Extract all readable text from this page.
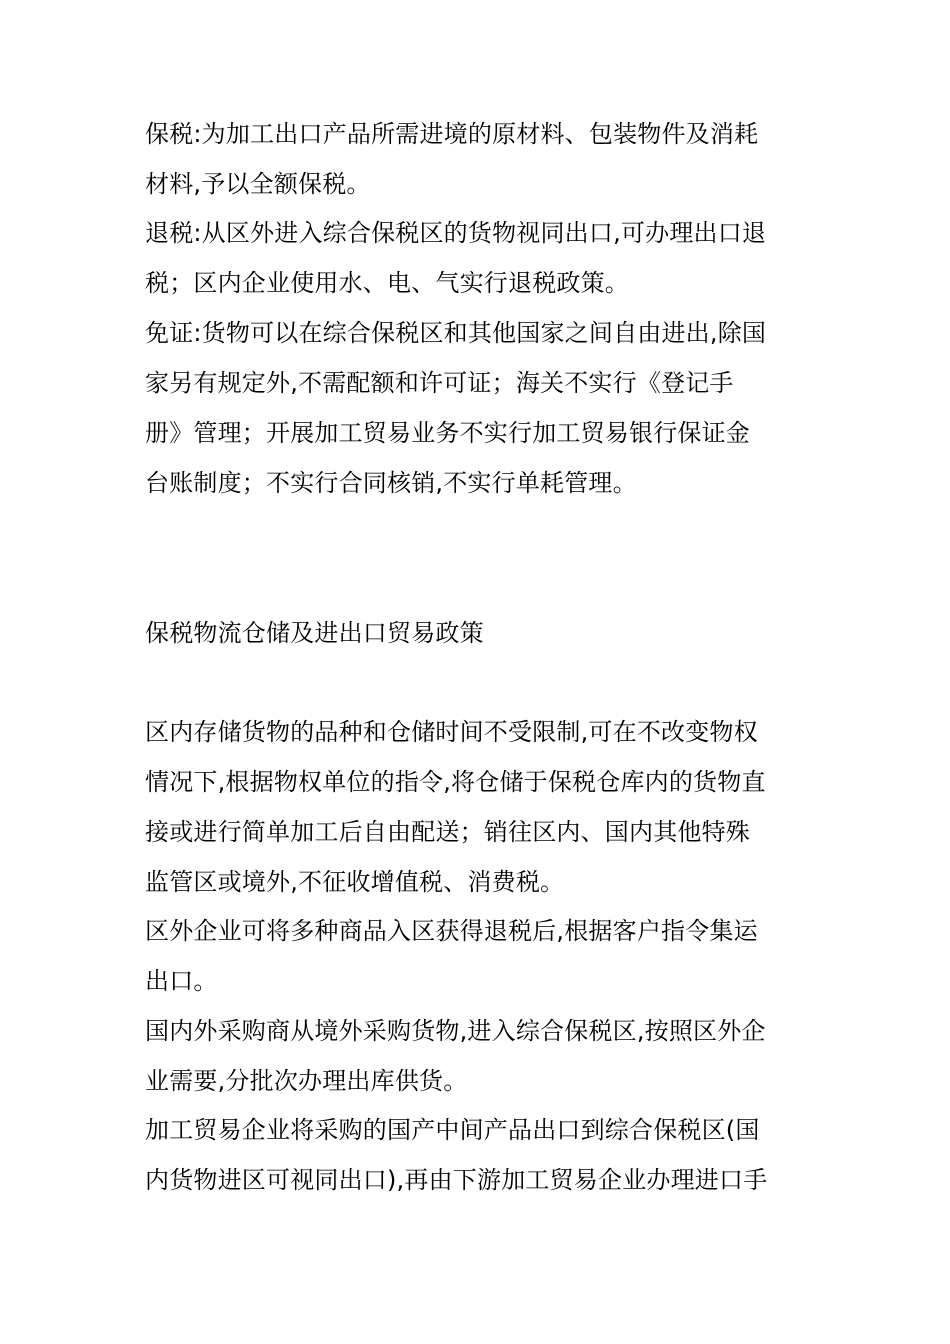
保税:为加工出口产品所需进境的原材料、包装物件及消耗
材料,予以全额保税。
退税:从区外进入综合保税区的货物视同出口,可办理出口退
税；区内企业使用水、电、气实行退税政策。
免证:货物可以在综合保税区和其他国家之间自由进出,除国
家另有规定外,不需配额和许可证；海关不实行《登记手
册》管理；开展加工贸易业务不实行加工贸易银行保证金
台账制度；不实行合同核销,不实行单耗管理。
保税物流仓储及进出口贸易政策
区内存储货物的品种和仓储时间不受限制,可在不改变物权
情况下,根据物权单位的指令,将仓储于保税仓库内的货物直
接或进行简单加工后自由配送；销往区内、国内其他特殊
监管区或境外,不征收增值税、消费税。
区外企业可将多种商品入区获得退税后,根据客户指令集运
出口。
国内外采购商从境外采购货物,进入综合保税区,按照区外企
业需要,分批次办理出库供货。
加工贸易企业将采购的国产中间产品出口到综合保税区(国
内货物进区可视同出口),再由下游加工贸易企业办理进口手
